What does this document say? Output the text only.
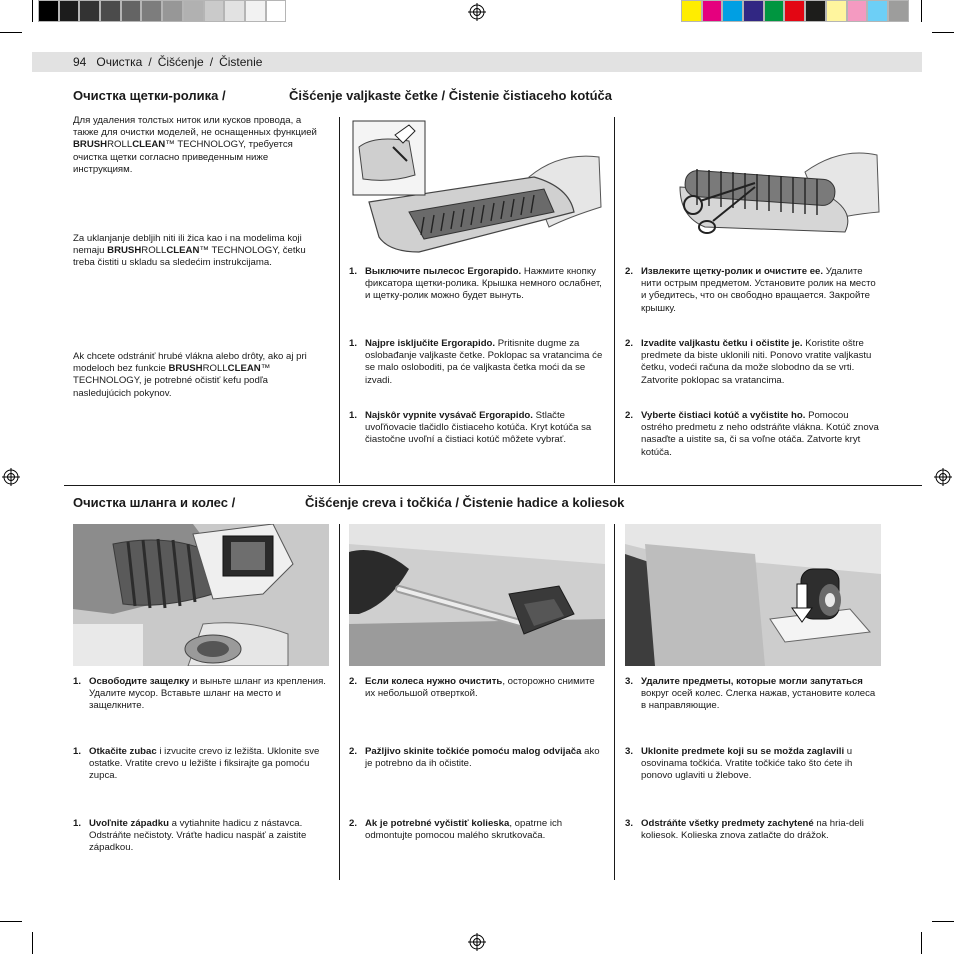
94 Очистка / Čišćenje / Čistenie
Очистка щетки-ролика /	Čišćenje valjkaste četke / Čistenie čistiaceho kotúča
Для удаления толстых ниток или кусков провода, а также для очистки моделей, не оснащенных функцией BRUSHROLLCLEAN™ TECHNOLOGY, требуется очистка щетки согласно приведенным ниже инструкциям.
Za uklanjanje debljih niti ili žica kao i na modelima koji nemaju BRUSHROLLCLEAN™ TECHNOLOGY, četku treba čistiti u skladu sa sledećim instrukcijama.
Ak chcete odstrániť hrubé vlákna alebo drôty, ako aj pri modeloch bez funkcie BRUSHROLLCLEAN™ TECHNOLOGY, je potrebné očistiť kefu podľa nasledujúcich pokynov.
1. Выключите пылесос Ergorapido. Нажмите кнопку фиксатора щетки-ролика. Крышка немного ослабнет, и щетку-ролик можно будет вынуть.
2. Извлеките щетку-ролик и очистите ее. Удалите нити острым предметом. Установите ролик на место и убедитесь, что он свободно вращается. Закройте крышку.
1. Najpre isključite Ergorapido. Pritisnite dugme za oslobađanje valjkaste četke. Poklopac sa vratancima će se malo osloboditi, pa će valjkasta četka moći da se izvadi.
2. Izvadite valjkastu četku i očistite je. Koristite oštre predmete da biste uklonili niti. Ponovo vratite valjkastu četku, vodeći računa da može slobodno da se vrti. Zatvorite poklopac sa vratancima.
1. Najskôr vypnite vysávač Ergorapido. Stlačte uvoľňovacie tlačidlo čistiaceho kotúča. Kryt kotúča sa čiastočne uvoľní a čistiaci kotúč môžete vybrať.
2. Vyberte čistiaci kotúč a vyčistite ho. Pomocou ostrého predmetu z neho odstráňte vlákna. Kotúč znova nasaďte a uistite sa, či sa voľne otáča. Zatvorte kryt kotúča.
Очистка шланга и колес /	Čišćenje creva i točkića / Čistenie hadice a koliesok
1. Освободите защелку и выньте шланг из крепления. Удалите мусор. Вставьте шланг на место и защелкните.
2. Если колеса нужно очистить, осторожно снимите их небольшой отверткой.
3. Удалите предметы, которые могли запутаться вокруг осей колес. Слегка нажав, установите колеса в направляющие.
1. Otkačite zubac i izvucite crevo iz ležišta. Uklonite sve ostatke. Vratite crevo u ležište i fiksirajte ga pomoću zupca.
2. Pažljivo skinite točkiće pomoću malog odvijača ako je potrebno da ih očistite.
3. Uklonite predmete koji su se možda zaglavili u osovinama točkića. Vratite točkiće tako što ćete ih ponovo uglaviti u žlebove.
1. Uvoľnite západku a vytiahnite hadicu z nástavca. Odstráňte nečistoty. Vráťte hadicu naspäť a zaistite západkou.
2. Ak je potrebné vyčistiť kolieska, opatrne ich odmontujte pomocou malého skrutkovača.
3. Odstráňte všetky predmety zachytené na hria-deli koliesok. Kolieska znova zatlačte do drážok.
